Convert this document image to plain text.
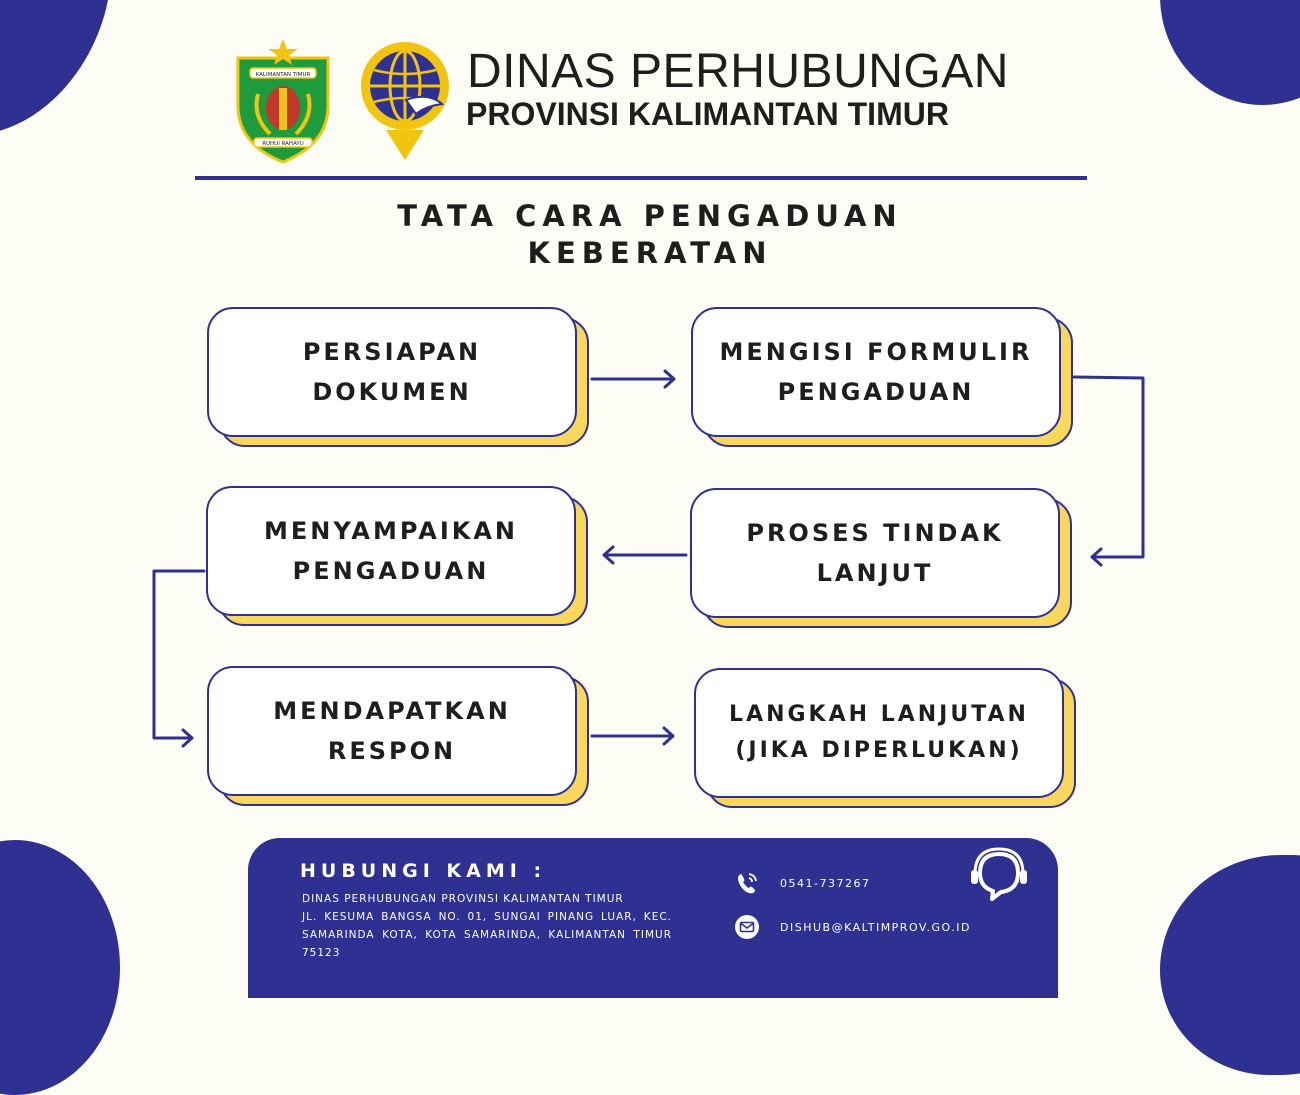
KALIMANTAN TIMUR
RUHUI RAHAYU
DINAS PERHUBUNGAN
PROVINSI KALIMANTAN TIMUR
TATA CARA PENGADUAN
KEBERATAN
PERSIAPAN
DOKUMEN
MENGISI FORMULIR
PENGADUAN
MENYAMPAIKAN
PENGADUAN
PROSES TINDAK
LANJUT
MENDAPATKAN
RESPON
LANGKAH LANJUTAN
(JIKA DIPERLUKAN)
HUBUNGI KAMI :
DINAS PERHUBUNGAN PROVINSI KALIMANTAN TIMUR
JL. KESUMA BANGSA NO. 01, SUNGAI PINANG LUAR, KEC. SAMARINDA KOTA, KOTA SAMARINDA, KALIMANTAN TIMUR 75123
0541-737267
DISHUB@KALTIMPROV.GO.ID
